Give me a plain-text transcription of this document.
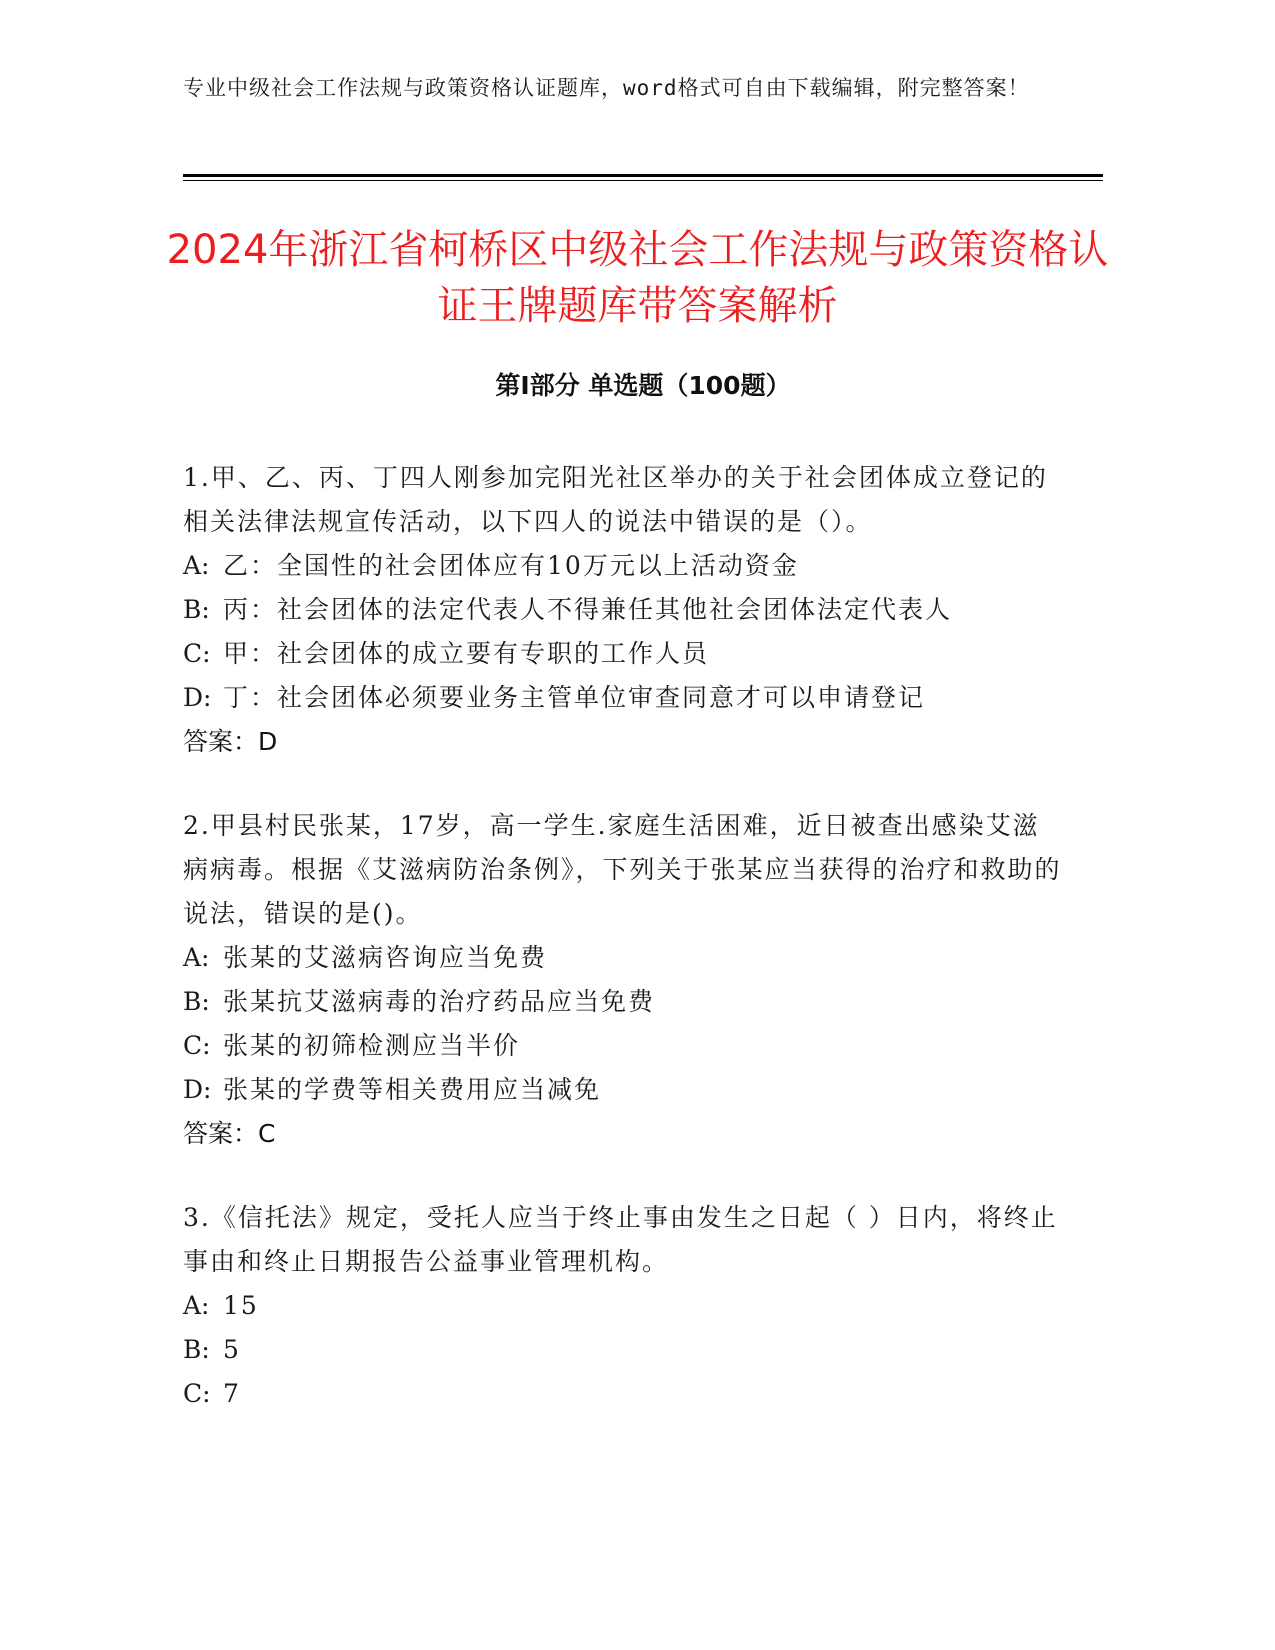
专业中级社会工作法规与政策资格认证题库，word格式可自由下载编辑，附完整答案！
2024年浙江省柯桥区中级社会工作法规与政策资格认证王牌题库带答案解析
第Ⅰ部分 单选题（100题）

1.甲、乙、丙、丁四人刚参加完阳光社区举办的关于社会团体成立登记的相关法律法规宣传活动，以下四人的说法中错误的是（）。

A: 乙：全国性的社会团体应有10万元以上活动资金

B: 丙：社会团体的法定代表人不得兼任其他社会团体法定代表人

C: 甲：社会团体的成立要有专职的工作人员

D: 丁：社会团体必须要业务主管单位审查同意才可以申请登记

答案：D

2.甲县村民张某，17岁，高一学生.家庭生活困难，近日被查出感染艾滋病病毒。根据《艾滋病防治条例》，下列关于张某应当获得的治疗和救助的说法，错误的是()。

A: 张某的艾滋病咨询应当免费

B: 张某抗艾滋病毒的治疗药品应当免费

C: 张某的初筛检测应当半价

D: 张某的学费等相关费用应当减免

答案：C

3.《信托法》规定，受托人应当于终止事由发生之日起（ ）日内，将终止事由和终止日期报告公益事业管理机构。

A: 15

B: 5

C: 7
